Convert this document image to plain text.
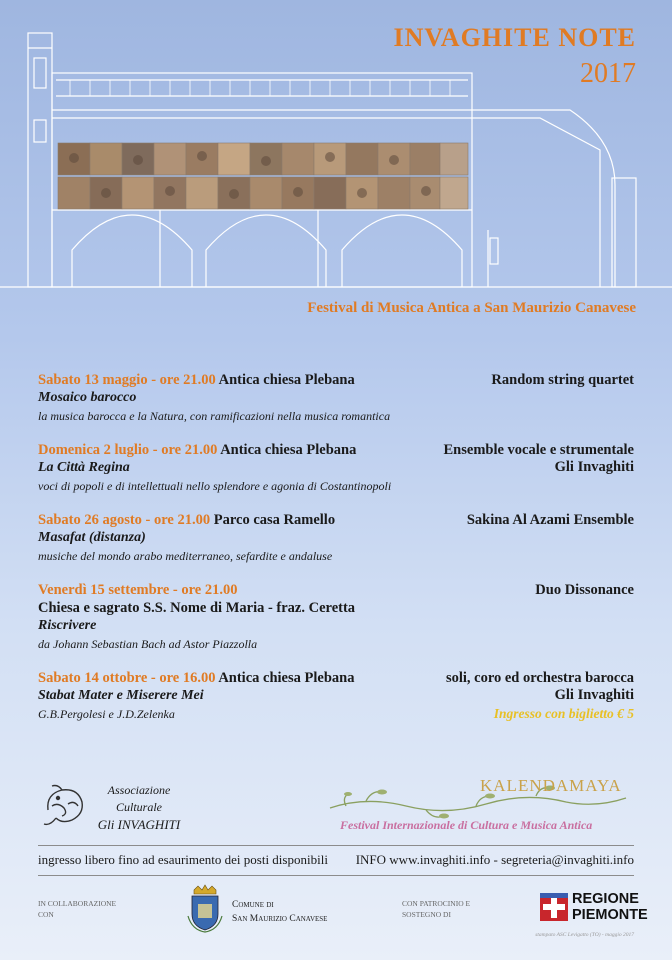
INVAGHITE NOTE
2017
Festival di Musica Antica a San Maurizio Canavese
Sabato 13 maggio - ore 21.00 Antica chiesa Plebana	Random string quartet
Mosaico barocco
la musica barocca e la Natura, con ramificazioni nella musica romantica
Domenica 2 luglio - ore 21.00 Antica chiesa Plebana	Ensemble vocale e strumentale
La Città Regina	Gli Invaghiti
voci di popoli e di intellettuali nello splendore e agonia di Costantinopoli
Sabato 26 agosto - ore 21.00 Parco casa Ramello	Sakina Al Azami Ensemble
Masafat (distanza)
musiche del mondo arabo mediterraneo, sefardite e andaluse
Venerdì 15 settembre - ore 21.00	Duo Dissonance
Chiesa e sagrato S.S. Nome di Maria - fraz. Ceretta
Riscrivere
da Johann Sebastian Bach ad Astor Piazzolla
Sabato 14 ottobre - ore 16.00 Antica chiesa Plebana	soli, coro ed orchestra barocca
Stabat Mater e Miserere Mei	Gli Invaghiti
G.B.Pergolesi e J.D.Zelenka	Ingresso con biglietto € 5
Associazione
Culturale
Gli INVAGHITI
KALENDAMAYA
Festival Internazionale di Cultura e Musica Antica
ingresso libero fino ad esaurimento dei posti disponibili INFO www.invaghiti.info - segreteria@invaghiti.info
IN COLLABORAZIONE
CON
Comune di
San Maurizio Canavese
CON PATROCINIO E
SOSTEGNO DI
REGIONE
PIEMONTE
stampato ASC Levigatto (TO) - maggio 2017
